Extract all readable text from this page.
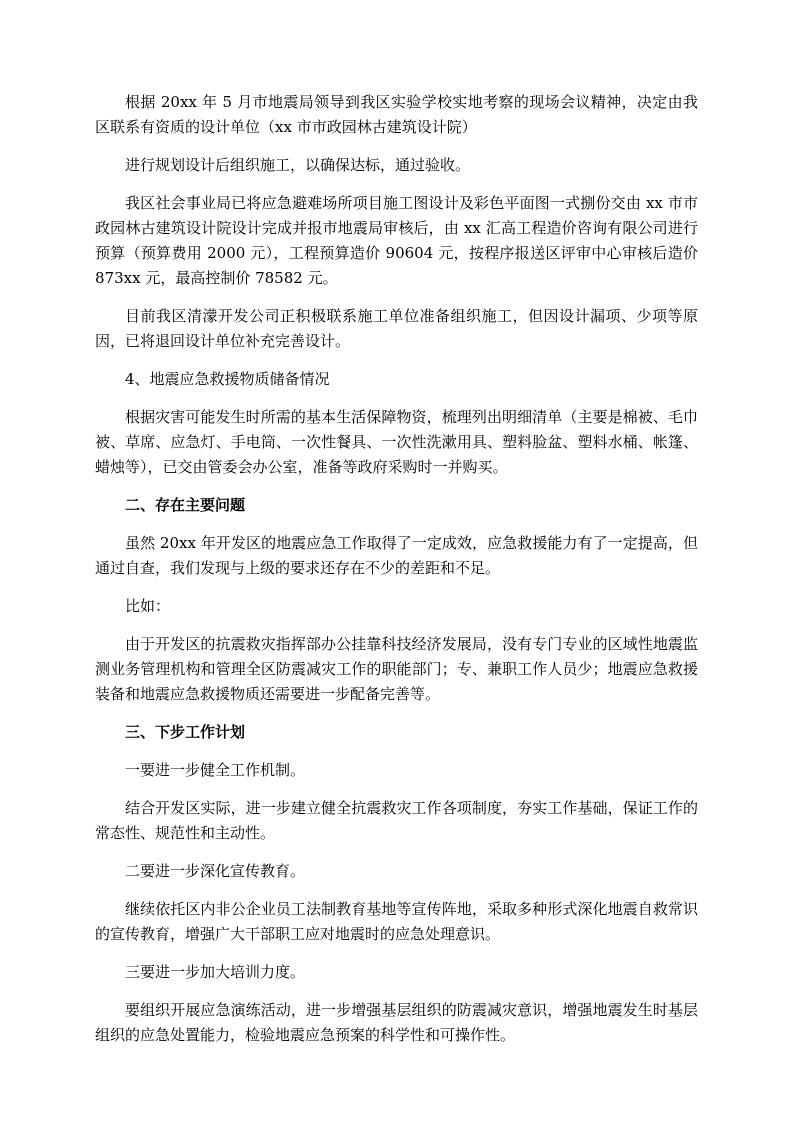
根据 20xx 年 5 月市地震局领导到我区实验学校实地考察的现场会议精神，决定由我区联系有资质的设计单位（xx 市市政园林古建筑设计院）

进行规划设计后组织施工，以确保达标，通过验收。

我区社会事业局已将应急避难场所项目施工图设计及彩色平面图一式捌份交由 xx 市市政园林古建筑设计院设计完成并报市地震局审核后，由 xx 汇高工程造价咨询有限公司进行预算（预算费用 2000 元），工程预算造价 90604 元，按程序报送区评审中心审核后造价 873xx 元，最高控制价 78582 元。

目前我区清濛开发公司正积极联系施工单位准备组织施工，但因设计漏项、少项等原因，已将退回设计单位补充完善设计。

4、地震应急救援物质储备情况

根据灾害可能发生时所需的基本生活保障物资，梳理列出明细清单（主要是棉被、毛巾被、草席、应急灯、手电筒、一次性餐具、一次性洗漱用具、塑料脸盆、塑料水桶、帐篷、蜡烛等），已交由管委会办公室，准备等政府采购时一并购买。

二、存在主要问题

虽然 20xx 年开发区的地震应急工作取得了一定成效，应急救援能力有了一定提高，但通过自查，我们发现与上级的要求还存在不少的差距和不足。

比如：

由于开发区的抗震救灾指挥部办公挂靠科技经济发展局，没有专门专业的区域性地震监测业务管理机构和管理全区防震减灾工作的职能部门；专、兼职工作人员少；地震应急救援装备和地震应急救援物质还需要进一步配备完善等。

三、下步工作计划

一要进一步健全工作机制。

结合开发区实际，进一步建立健全抗震救灾工作各项制度，夯实工作基础，保证工作的常态性、规范性和主动性。

二要进一步深化宣传教育。

继续依托区内非公企业员工法制教育基地等宣传阵地，采取多种形式深化地震自救常识的宣传教育，增强广大干部职工应对地震时的应急处理意识。

三要进一步加大培训力度。

要组织开展应急演练活动，进一步增强基层组织的防震减灾意识，增强地震发生时基层组织的应急处置能力，检验地震应急预案的科学性和可操作性。
